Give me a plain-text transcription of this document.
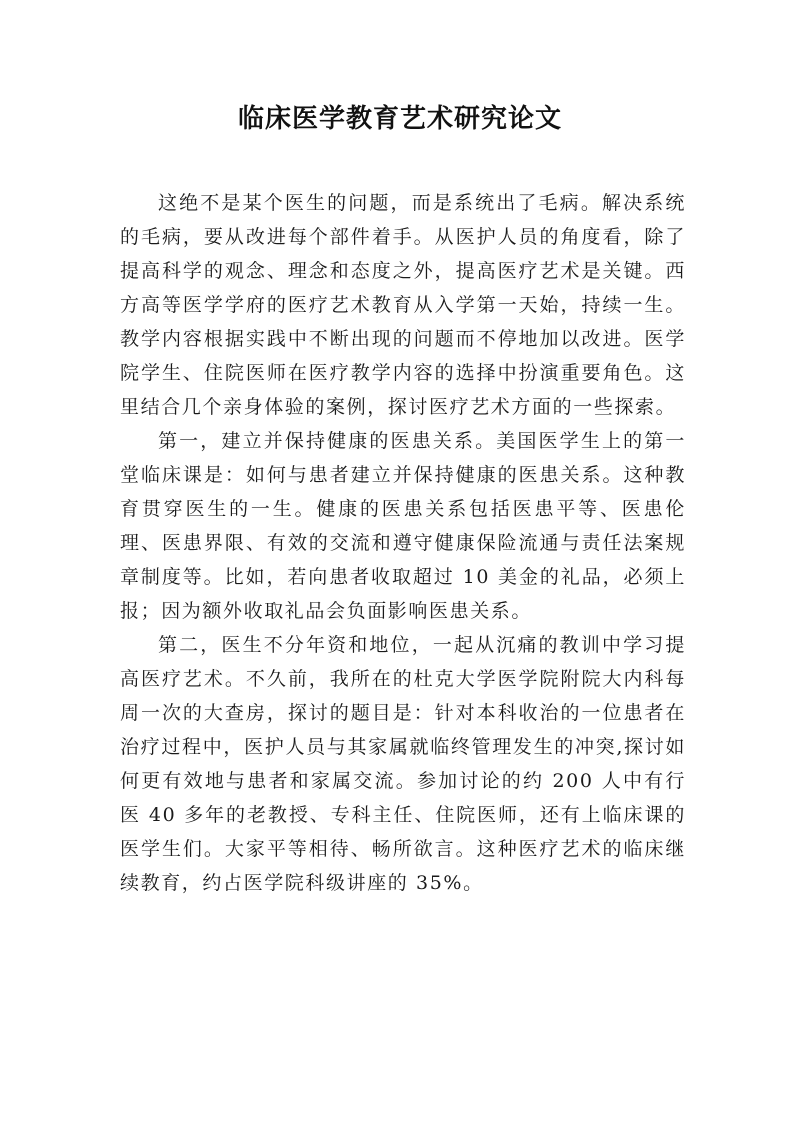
临床医学教育艺术研究论文

这绝不是某个医生的问题，而是系统出了毛病。解决系统的毛病，要从改进每个部件着手。从医护人员的角度看，除了提高科学的观念、理念和态度之外，提高医疗艺术是关键。西方高等医学学府的医疗艺术教育从入学第一天始，持续一生。教学内容根据实践中不断出现的问题而不停地加以改进。医学院学生、住院医师在医疗教学内容的选择中扮演重要角色。这里结合几个亲身体验的案例，探讨医疗艺术方面的一些探索。

第一，建立并保持健康的医患关系。美国医学生上的第一堂临床课是：如何与患者建立并保持健康的医患关系。这种教育贯穿医生的一生。健康的医患关系包括医患平等、医患伦理、医患界限、有效的交流和遵守健康保险流通与责任法案规章制度等。比如，若向患者收取超过 10 美金的礼品，必须上报；因为额外收取礼品会负面影响医患关系。

第二，医生不分年资和地位，一起从沉痛的教训中学习提高医疗艺术。不久前，我所在的杜克大学医学院附院大内科每周一次的大查房，探讨的题目是：针对本科收治的一位患者在治疗过程中，医护人员与其家属就临终管理发生的冲突,探讨如何更有效地与患者和家属交流。参加讨论的约 200 人中有行医 40 多年的老教授、专科主任、住院医师，还有上临床课的医学生们。大家平等相待、畅所欲言。这种医疗艺术的临床继续教育，约占医学院科级讲座的 35%。
